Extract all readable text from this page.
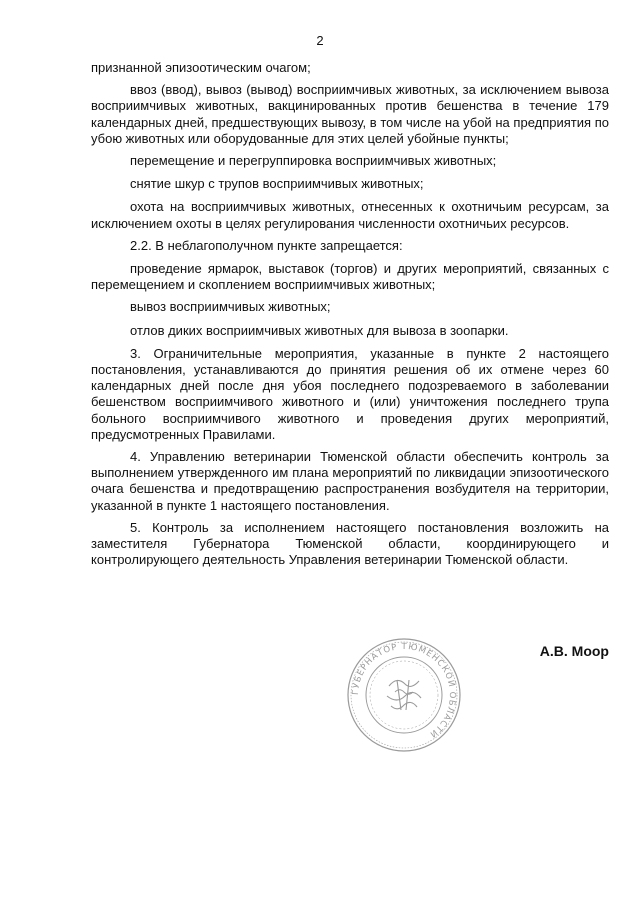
2

признанной эпизоотическим очагом;

ввоз (ввод), вывоз (вывод) восприимчивых животных, за исключением вывоза восприимчивых животных, вакцинированных против бешенства в течение 179 календарных дней, предшествующих вывозу, в том числе на убой на предприятия по убою животных или оборудованные для этих целей убойные пункты;

перемещение и перегруппировка восприимчивых животных;

снятие шкур с трупов восприимчивых животных;

охота на восприимчивых животных, отнесенных к охотничьим ресурсам, за исключением охоты в целях регулирования численности охотничьих ресурсов.

2.2. В неблагополучном пункте запрещается:

проведение ярмарок, выставок (торгов) и других мероприятий, связанных с перемещением и скоплением восприимчивых животных;

вывоз восприимчивых животных;

отлов диких восприимчивых животных для вывоза в зоопарки.

3. Ограничительные мероприятия, указанные в пункте 2 настоящего постановления, устанавливаются до принятия решения об их отмене через 60 календарных дней после дня убоя последнего подозреваемого в заболевании бешенством восприимчивого животного и (или) уничтожения последнего трупа больного восприимчивого животного и проведения других мероприятий, предусмотренных Правилами.

4. Управлению ветеринарии Тюменской области обеспечить контроль за выполнением утвержденного им плана мероприятий по ликвидации эпизоотического очага бешенства и предотвращению распространения возбудителя на территории, указанной в пункте 1 настоящего постановления.

5. Контроль за исполнением настоящего постановления возложить на заместителя Губернатора Тюменской области, координирующего и контролирующего деятельность Управления ветеринарии Тюменской области.

ГУБЕРНАТОР ТЮМЕНСКОЙ ОБЛАСТИ
А.В. Моор
